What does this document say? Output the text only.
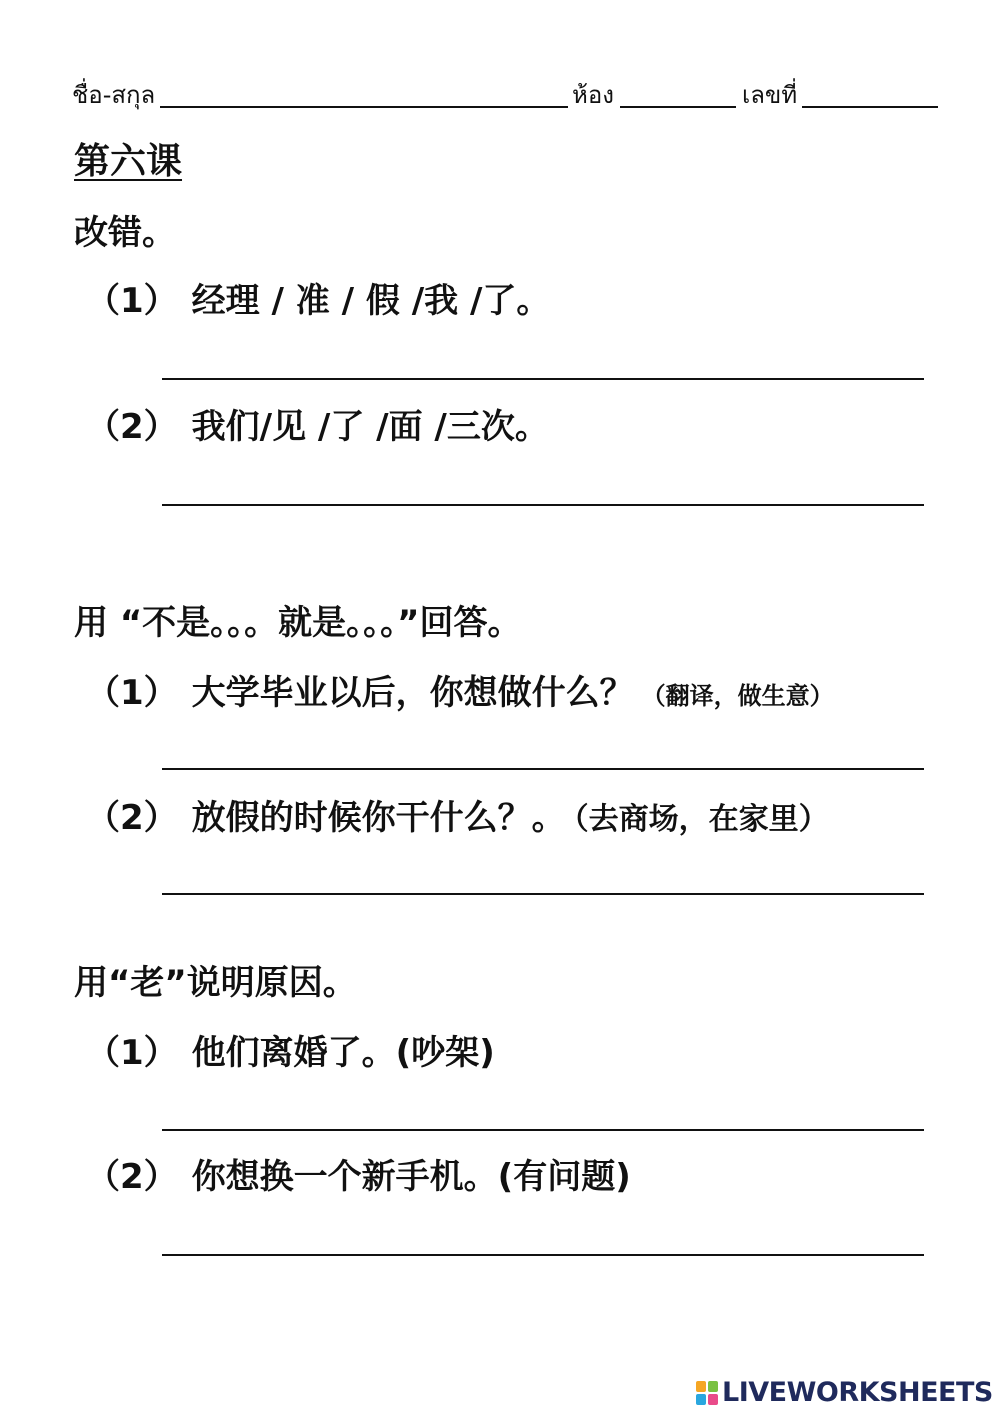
ชื่อ-สกุล	ห้อง	เลขที่
第六课
改错。
（1） 经理 / 准 / 假 /我 /了。
（2） 我们/见 /了 /面 /三次。
用 “不是。。。就是。。。”回答。
（1） 大学毕业以后，你想做什么？ （翻译，做生意）
（2） 放假的时候你干什么？。 （去商场，在家里）
用“老”说明原因。
（1） 他们离婚了。(吵架)
（2） 你想换一个新手机。(有问题)
LIVEWORKSHEETS
